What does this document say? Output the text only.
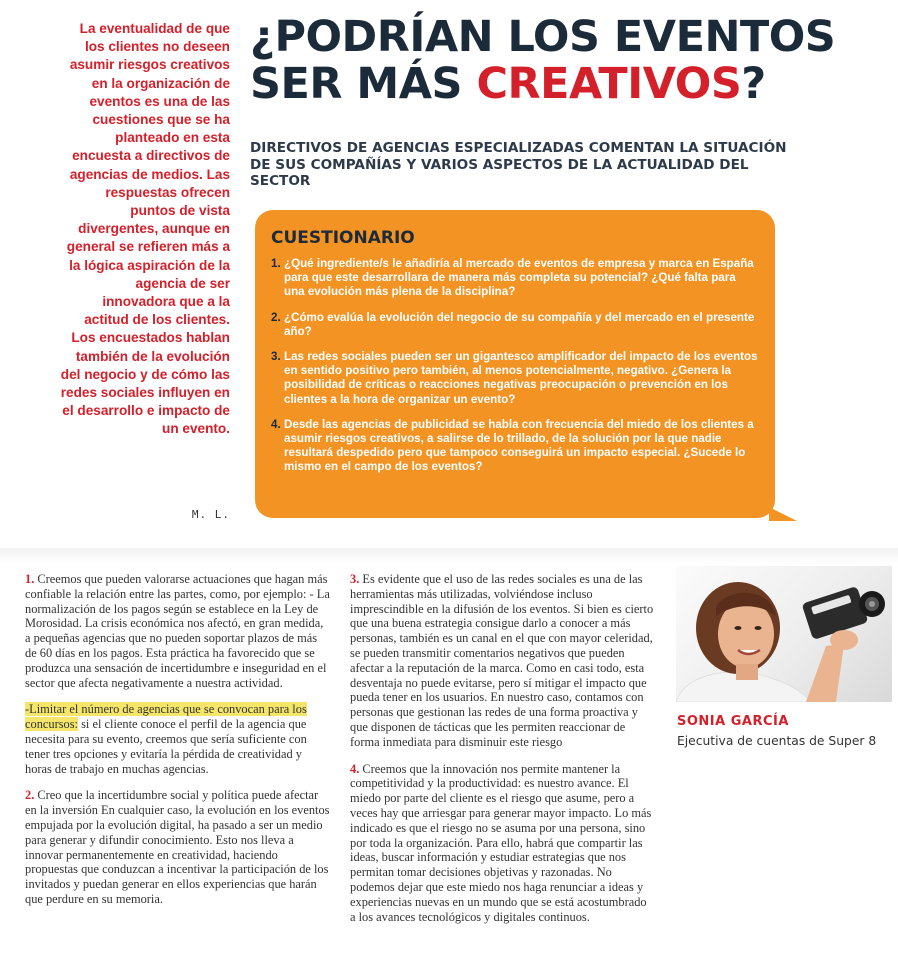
La eventualidad de que los clientes no deseen asumir riesgos creativos en la organización de eventos es una de las cuestiones que se ha planteado en esta encuesta a directivos de agencias de medios. Las respuestas ofrecen puntos de vista divergentes, aunque en general se refieren más a la lógica aspiración de la agencia de ser innovadora que a la actitud de los clientes. Los encuestados hablan también de la evolución del negocio y de cómo las redes sociales influyen en el desarrollo e impacto de un evento.
M. L.
¿PODRÍAN LOS EVENTOS
SER MÁS CREATIVOS?
DIRECTIVOS DE AGENCIAS ESPECIALIZADAS COMENTAN LA SITUACIÓN DE SUS COMPAÑÍAS Y VARIOS ASPECTOS DE LA ACTUALIDAD DEL SECTOR
CUESTIONARIO
1. ¿Qué ingrediente/s le añadiría al mercado de eventos de empresa y marca en España para que este desarrollara de manera más completa su potencial? ¿Qué falta para una evolución más plena de la disciplina?
2. ¿Cómo evalúa la evolución del negocio de su compañía y del mercado en el presente año?
3. Las redes sociales pueden ser un gigantesco amplificador del impacto de los eventos en sentido positivo pero también, al menos potencialmente, negativo. ¿Genera la posibilidad de críticas o reacciones negativas preocupación o prevención en los clientes a la hora de organizar un evento?
4. Desde las agencias de publicidad se habla con frecuencia del miedo de los clientes a asumir riesgos creativos, a salirse de lo trillado, de la solución por la que nadie resultará despedido pero que tampoco conseguirá un impacto especial. ¿Sucede lo mismo en el campo de los eventos?

1. Creemos que pueden valorarse actuaciones que hagan más confiable la relación entre las partes, como, por ejemplo: - La normalización de los pagos según se establece en la Ley de Morosidad. La crisis económica nos afectó, en gran medida, a pequeñas agencias que no pueden soportar plazos de más de 60 días en los pagos. Esta práctica ha favorecido que se produzca una sensación de incertidumbre e inseguridad en el sector que afecta negativamente a nuestra actividad.

-Limitar el número de agencias que se convocan para los concursos: si el cliente conoce el perfil de la agencia que necesita para su evento, creemos que sería suficiente con tener tres opciones y evitaría la pérdida de creatividad y horas de trabajo en muchas agencias.

2. Creo que la incertidumbre social y política puede afectar en la inversión En cualquier caso, la evolución en los eventos empujada por la evolución digital, ha pasado a ser un medio para generar y difundir conocimiento. Esto nos lleva a innovar permanentemente en creatividad, haciendo propuestas que conduzcan a incentivar la participación de los invitados y puedan generar en ellos experiencias que harán que perdure en su memoria.

3. Es evidente que el uso de las redes sociales es una de las herramientas más utilizadas, volviéndose incluso imprescindible en la difusión de los eventos. Si bien es cierto que una buena estrategia consigue darlo a conocer a más personas, también es un canal en el que con mayor celeridad, se pueden transmitir comentarios negativos que pueden afectar a la reputación de la marca. Como en casi todo, esta desventaja no puede evitarse, pero sí mitigar el impacto que pueda tener en los usuarios. En nuestro caso, contamos con personas que gestionan las redes de una forma proactiva y que disponen de tácticas que les permiten reaccionar de forma inmediata para disminuir este riesgo

4. Creemos que la innovación nos permite mantener la competitividad y la productividad: es nuestro avance. El miedo por parte del cliente es el riesgo que asume, pero a veces hay que arriesgar para generar mayor impacto. Lo más indicado es que el riesgo no se asuma por una persona, sino por toda la organización. Para ello, habrá que compartir las ideas, buscar información y estudiar estrategias que nos permitan tomar decisiones objetivas y razonadas. No podemos dejar que este miedo nos haga renunciar a ideas y experiencias nuevas en un mundo que se está acostumbrado a los avances tecnológicos y digitales continuos.

SONIA GARCÍA
Ejecutiva de cuentas de Super 8
